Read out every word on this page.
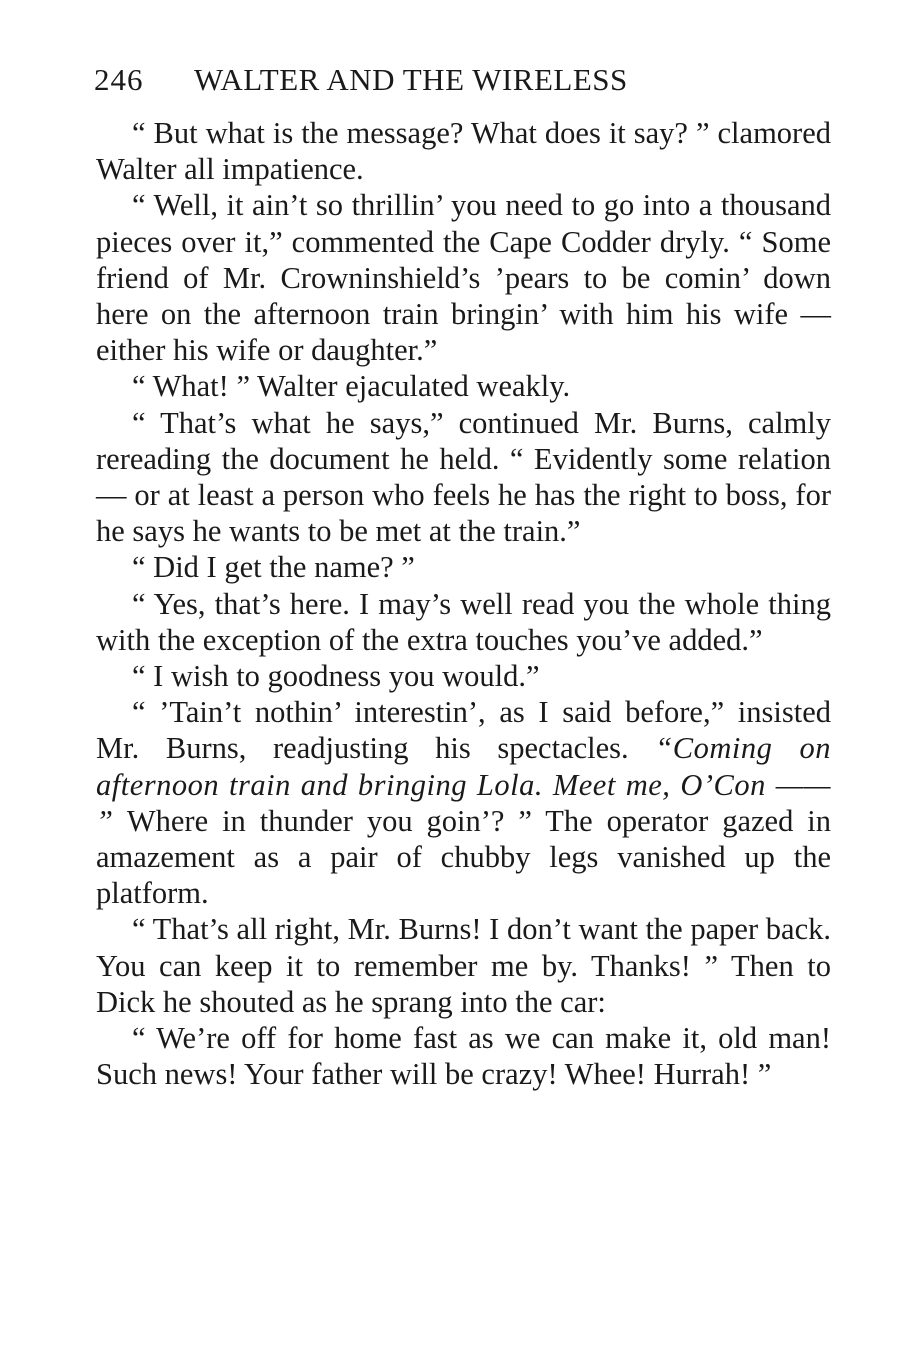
246 WALTER AND THE WIRELESS

“ But what is the message? What does it say? ” clamored Walter all impatience.

“ Well, it ain’t so thrillin’ you need to go into a thousand pieces over it,” commented the Cape Codder dryly. “ Some friend of Mr. Crowninshield’s ’pears to be comin’ down here on the afternoon train bringin’ with him his wife —either his wife or daughter.”

“ What! ” Walter ejaculated weakly.

“ That’s what he says,” continued Mr. Burns, calmly rereading the document he held. “ Evidently some relation — or at least a person who feels he has the right to boss, for he says he wants to be met at the train.”

“ Did I get the name? ”

“ Yes, that’s here. I may’s well read you the whole thing with the exception of the extra touches you’ve added.”

“ I wish to goodness you would.”

“ ’Tain’t nothin’ interestin’, as I said before,” insisted Mr. Burns, readjusting his spectacles. “Coming on afternoon train and bringing Lola. Meet me, O’Con —— ” Where in thunder you goin’? ” The operator gazed in amazement as a pair of chubby legs vanished up the platform.

“ That’s all right, Mr. Burns! I don’t want the paper back. You can keep it to remember me by. Thanks! ” Then to Dick he shouted as he sprang into the car:

“ We’re off for home fast as we can make it, old man! Such news! Your father will be crazy! Whee! Hurrah! ”
